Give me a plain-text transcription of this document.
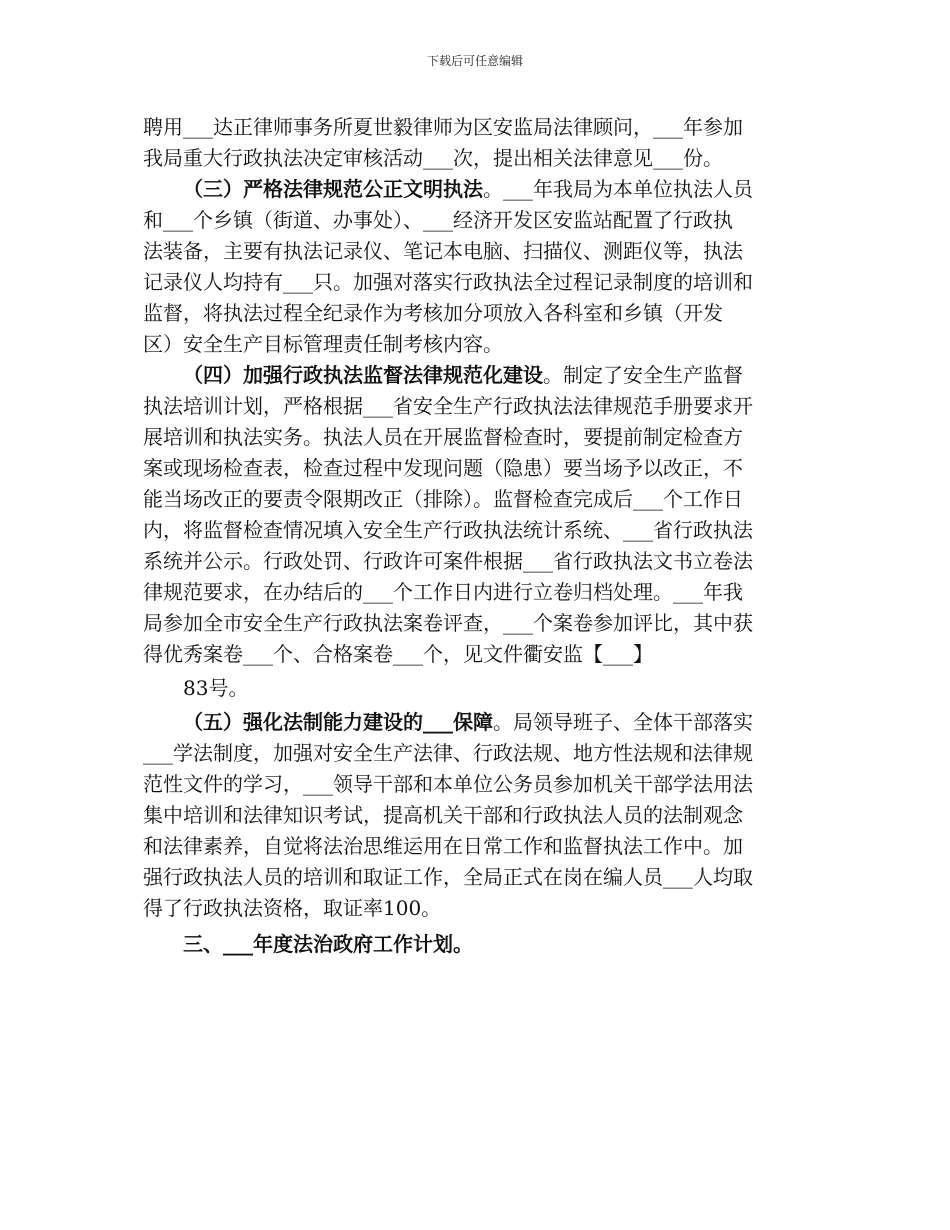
下载后可任意编辑
聘用___达正律师事务所夏世毅律师为区安监局法律顾问，___年参加
我局重大行政执法决定审核活动___次，提出相关法律意见___份。
（三）严格法律规范公正文明执法。___年我局为本单位执法人员
和___个乡镇（街道、办事处）、___经济开发区安监站配置了行政执
法装备，主要有执法记录仪、笔记本电脑、扫描仪、测距仪等，执法
记录仪人均持有___只。加强对落实行政执法全过程记录制度的培训和
监督，将执法过程全纪录作为考核加分项放入各科室和乡镇（开发
区）安全生产目标管理责任制考核内容。
（四）加强行政执法监督法律规范化建设。制定了安全生产监督
执法培训计划，严格根据___省安全生产行政执法法律规范手册要求开
展培训和执法实务。执法人员在开展监督检查时，要提前制定检查方
案或现场检查表，检查过程中发现问题（隐患）要当场予以改正，不
能当场改正的要责令限期改正（排除）。监督检查完成后___个工作日
内，将监督检查情况填入安全生产行政执法统计系统、___省行政执法
系统并公示。行政处罚、行政许可案件根据___省行政执法文书立卷法
律规范要求，在办结后的___个工作日内进行立卷归档处理。___年我
局参加全市安全生产行政执法案卷评查，___个案卷参加评比，其中获
得优秀案卷___个、合格案卷___个，见文件衢安监【___】
83号。
（五）强化法制能力建设的___保障。局领导班子、全体干部落实
___学法制度，加强对安全生产法律、行政法规、地方性法规和法律规
范性文件的学习，___领导干部和本单位公务员参加机关干部学法用法
集中培训和法律知识考试，提高机关干部和行政执法人员的法制观念
和法律素养，自觉将法治思维运用在日常工作和监督执法工作中。加
强行政执法人员的培训和取证工作，全局正式在岗在编人员___人均取
得了行政执法资格，取证率100。
三、___年度法治政府工作计划。
